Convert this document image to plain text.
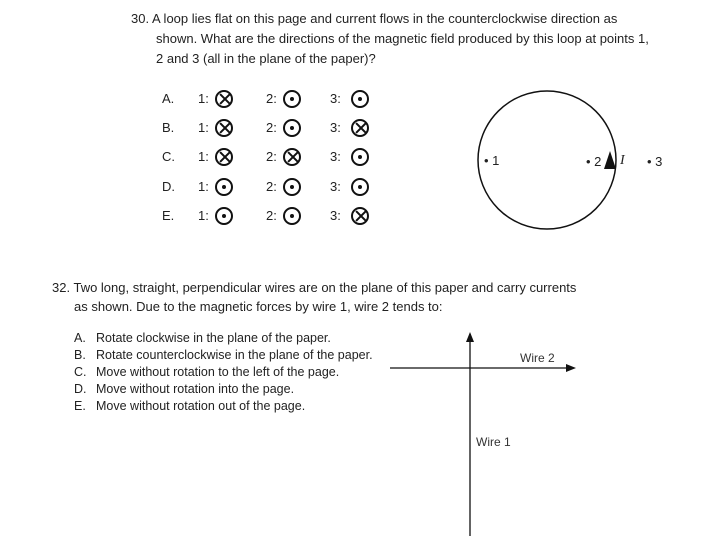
30. A loop lies flat on this page and current flows in the counterclockwise direction as
shown. What are the directions of the magnetic field produced by this loop at points 1,
2 and 3 (all in the plane of the paper)?
A. 1:	2:	3:
B. 1:	2:	3:
C. 1:	2:	3:
D. 1:	2:	3:
E. 1:	2:	3:
• 1	• 2 I • 3
32. Two long, straight, perpendicular wires are on the plane of this paper and carry currents
as shown. Due to the magnetic forces by wire 1, wire 2 tends to:
A. Rotate clockwise in the plane of the paper.
B. Rotate counterclockwise in the plane of the paper.
C. Move without rotation to the left of the page.
D. Move without rotation into the page.
E. Move without rotation out of the page.
Wire 2
Wire 1
